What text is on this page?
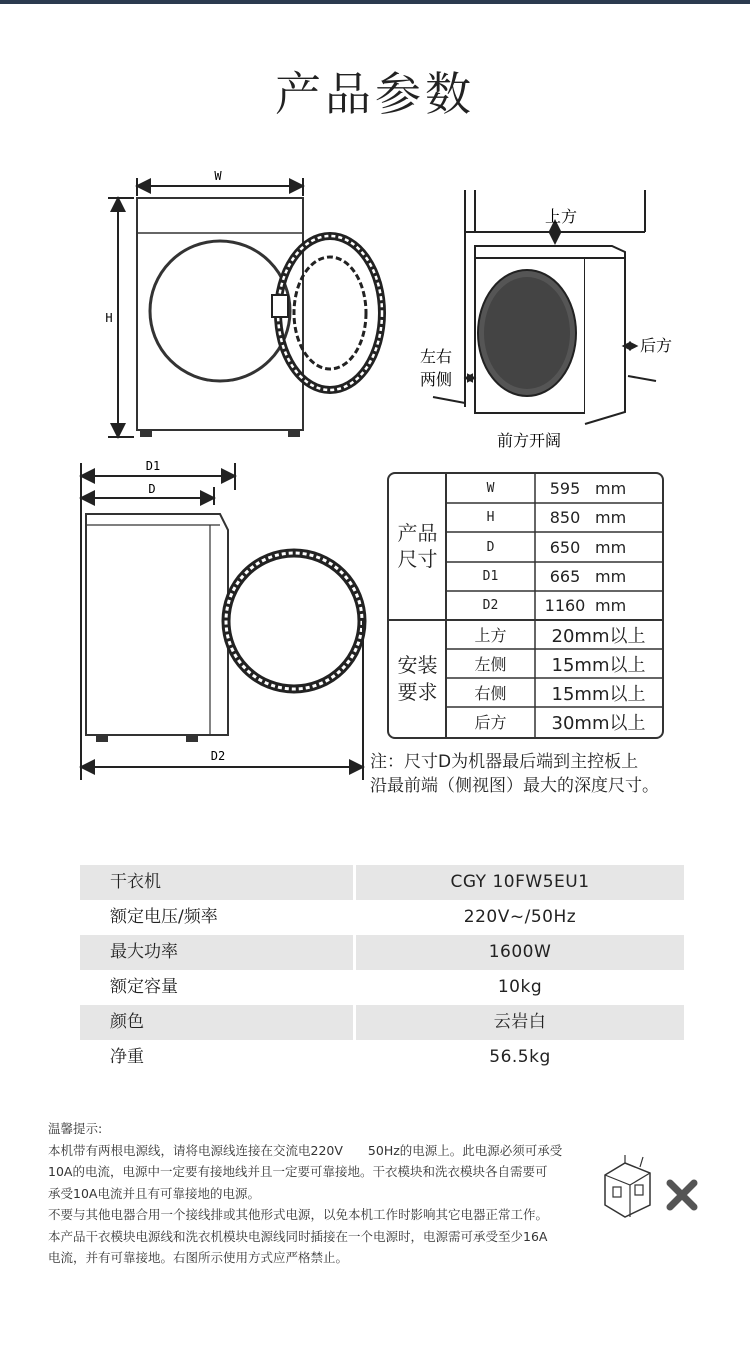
产品参数
W
H
上方
后方
左右
两侧
前方开阔
D1
D
D2
产品
尺寸
安装
要求
W	595 mm
H	850 mm
D	650 mm
D1	665 mm
D2	1160 mm
上方	20mm以上
左侧	15mm以上
右侧	15mm以上
后方	30mm以上
注：尺寸D为机器最后端到主控板上
沿最前端（侧视图）最大的深度尺寸。
干衣机	CGY 10FW5EU1
额定电压/频率	220V~/50Hz
最大功率	1600W
额定容量	10kg
颜色	云岩白
净重	56.5kg

温馨提示:

本机带有两根电源线，请将电源线连接在交流电220V　　50Hz的电源上。此电源必须可承受

10A的电流，电源中一定要有接地线并且一定要可靠接地。干衣模块和洗衣模块各自需要可

承受10A电流并且有可靠接地的电源。

不要与其他电器合用一个接线排或其他形式电源，以免本机工作时影响其它电器正常工作。

本产品干衣模块电源线和洗衣机模块电源线同时插接在一个电源时，电源需可承受至少16A

电流，并有可靠接地。右图所示使用方式应严格禁止。
